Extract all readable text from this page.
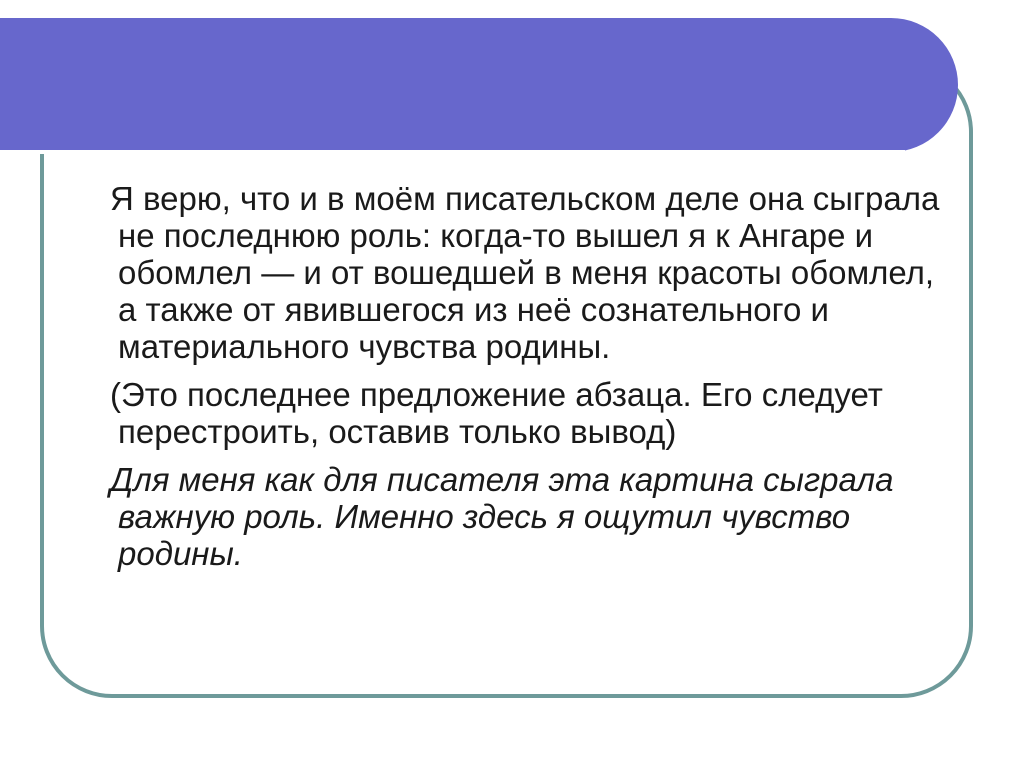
Я верю, что и в моём писательском деле она сыграла не последнюю роль: когда-то вышел я к Ангаре и обомлел — и от вошедшей в меня красоты обомлел, а также от явившегося из неё сознательного и материального чувства родины.

(Это последнее предложение абзаца. Его следует перестроить, оставив только вывод)

Для меня как для писателя эта картина сыграла важную роль. Именно здесь я ощутил чувство родины.
